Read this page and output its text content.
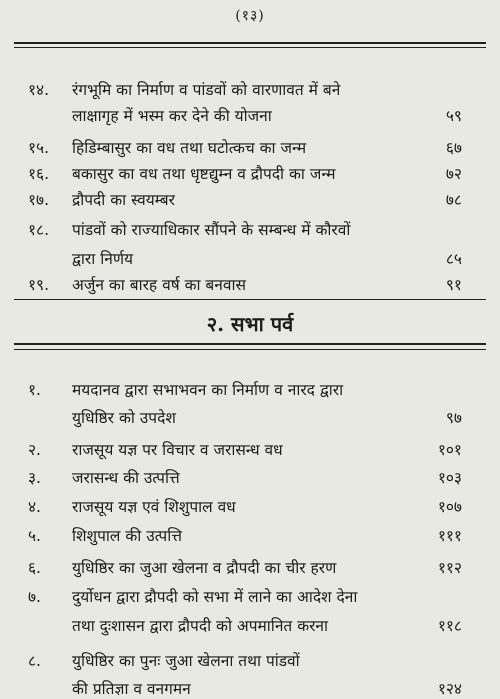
(१३)
२. सभा पर्व
१४. रंगभूमि का निर्माण व पांडवों को वारणावत में बने
लाक्षागृह में भस्म कर देने की योजना	५९
१५. हिडिम्बासुर का वध तथा घटोत्कच का जन्म	६७
१६. बकासुर का वध तथा धृष्टद्युम्न व द्रौपदी का जन्म	७२
१७. द्रौपदी का स्वयम्बर	७८
१८. पांडवों को राज्याधिकार सौंपने के सम्बन्ध में कौरवों
द्वारा निर्णय	८५
१९. अर्जुन का बारह वर्ष का बनवास	९१
१. मयदानव द्वारा सभाभवन का निर्माण व नारद द्वारा
युधिष्ठिर को उपदेश	९७
२. राजसूय यज्ञ पर विचार व जरासन्ध वध	१०१
३. जरासन्ध की उत्पत्ति	१०३
४. राजसूय यज्ञ एवं शिशुपाल वध	१०७
५. शिशुपाल की उत्पत्ति	१११
६. युधिष्ठिर का जुआ खेलना व द्रौपदी का चीर हरण	११२
७. दुर्योधन द्वारा द्रौपदी को सभा में लाने का आदेश देना
तथा दुःशासन द्वारा द्रौपदी को अपमानित करना	११८
८. युधिष्ठिर का पुनः जुआ खेलना तथा पांडवों
की प्रतिज्ञा व वनगमन	१२४
